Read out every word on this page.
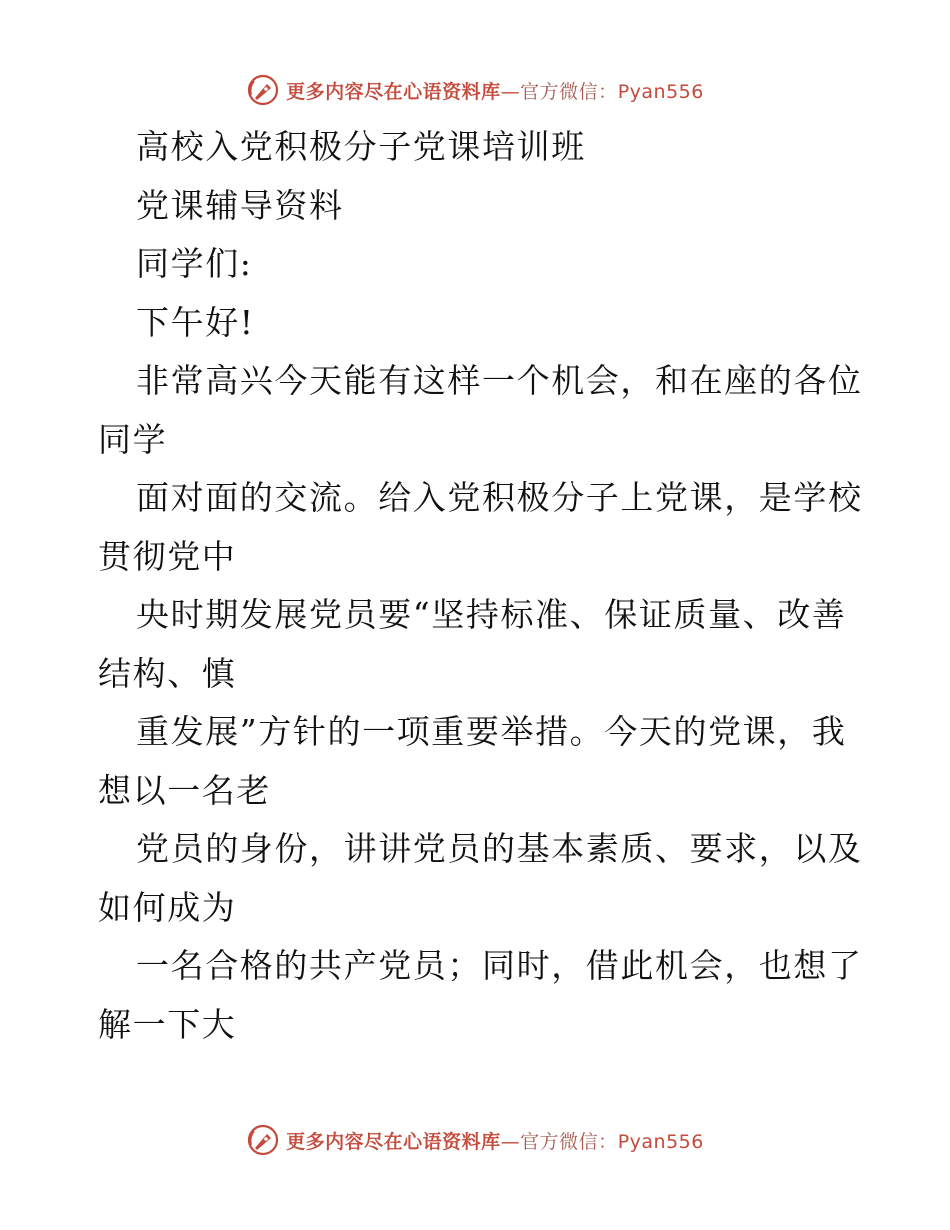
更多内容尽在心语资料库—官方微信：Pyan556
高校入党积极分子党课培训班
党课辅导资料
同学们:
下午好!
非常高兴今天能有这样一个机会，和在座的各位
同学
面对面的交流。给入党积极分子上党课，是学校
贯彻党中
央时期发展党员要“坚持标准、保证质量、改善
结构、慎
重发展”方针的一项重要举措。今天的党课，我
想以一名老
党员的身份，讲讲党员的基本素质、要求，以及
如何成为
一名合格的共产党员；同时，借此机会，也想了
解一下大
更多内容尽在心语资料库—官方微信：Pyan556
